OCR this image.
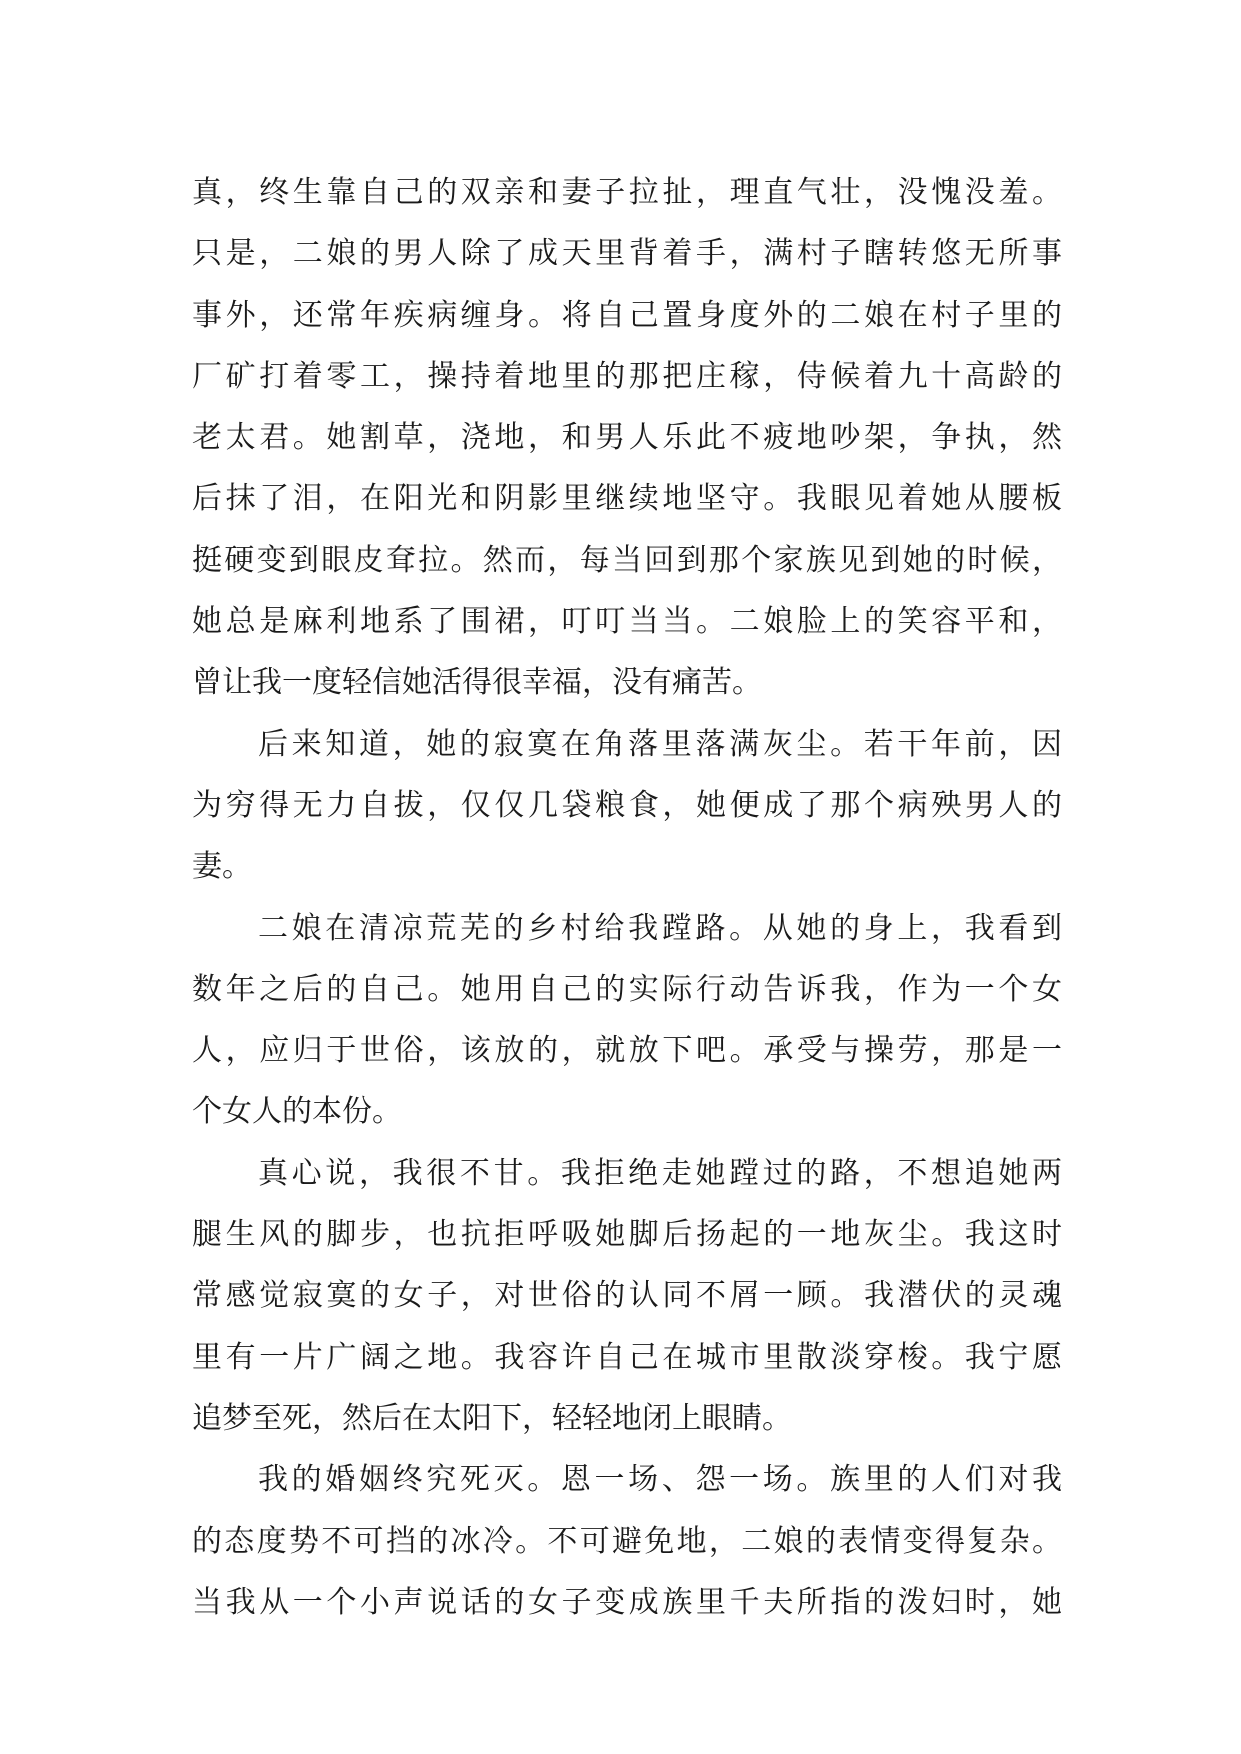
真，终生靠自己的双亲和妻子拉扯，理直气壮，没愧没羞。
只是，二娘的男人除了成天里背着手，满村子瞎转悠无所事
事外，还常年疾病缠身。将自己置身度外的二娘在村子里的
厂矿打着零工，操持着地里的那把庄稼，侍候着九十高龄的
老太君。她割草，浇地，和男人乐此不疲地吵架，争执，然
后抹了泪，在阳光和阴影里继续地坚守。我眼见着她从腰板
挺硬变到眼皮耷拉。然而，每当回到那个家族见到她的时候，
她总是麻利地系了围裙，叮叮当当。二娘脸上的笑容平和，
曾让我一度轻信她活得很幸福，没有痛苦。
后来知道，她的寂寞在角落里落满灰尘。若干年前，因
为穷得无力自拔，仅仅几袋粮食，她便成了那个病殃男人的
妻。
二娘在清凉荒芜的乡村给我蹚路。从她的身上，我看到
数年之后的自己。她用自己的实际行动告诉我，作为一个女
人，应归于世俗，该放的，就放下吧。承受与操劳，那是一
个女人的本份。
真心说，我很不甘。我拒绝走她蹚过的路，不想追她两
腿生风的脚步，也抗拒呼吸她脚后扬起的一地灰尘。我这时
常感觉寂寞的女子，对世俗的认同不屑一顾。我潜伏的灵魂
里有一片广阔之地。我容许自己在城市里散淡穿梭。我宁愿
追梦至死，然后在太阳下，轻轻地闭上眼睛。
我的婚姻终究死灭。恩一场、怨一场。族里的人们对我
的态度势不可挡的冰冷。不可避免地，二娘的表情变得复杂。
当我从一个小声说话的女子变成族里千夫所指的泼妇时，她
